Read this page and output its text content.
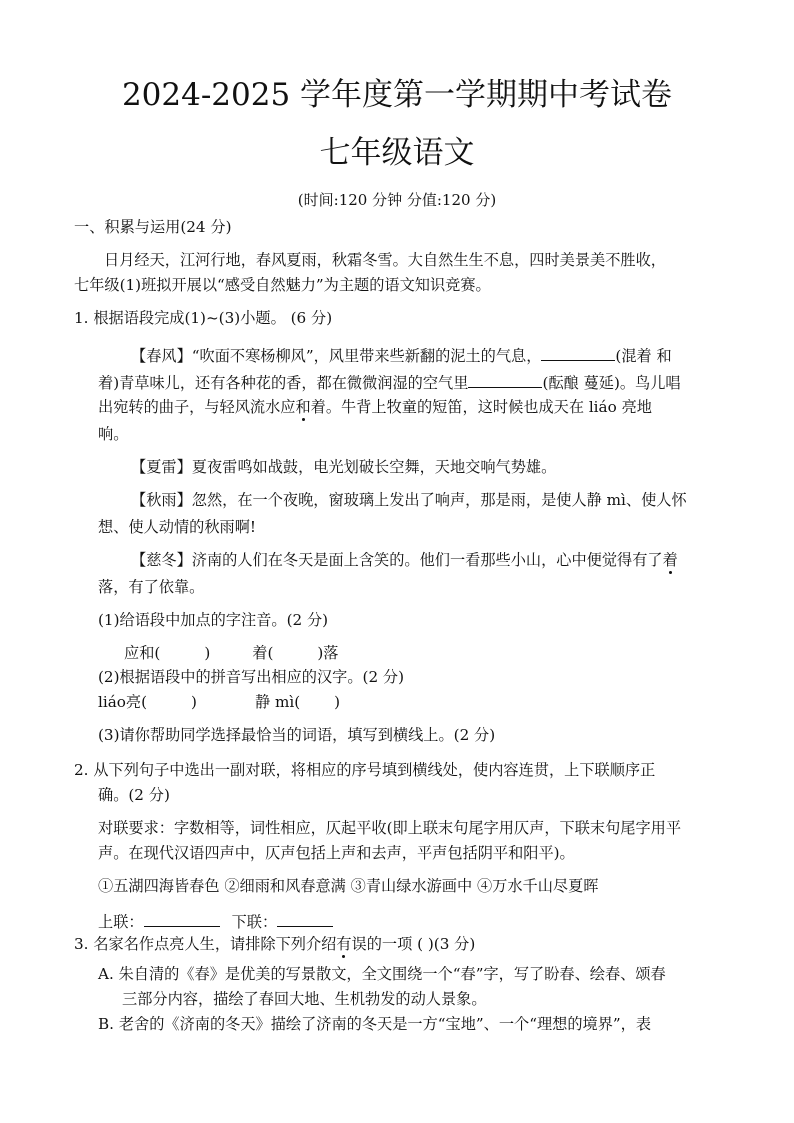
2024-2025 学年度第一学期期中考试卷
七年级语文
(时间:120 分钟 分值:120 分)
一、积累与运用(24 分)
日月经天，江河行地，春风夏雨，秋霜冬雪。大自然生生不息，四时美景美不胜收，
七年级(1)班拟开展以“感受自然魅力”为主题的语文知识竞赛。
1. 根据语段完成(1)~(3)小题。 (6 分)
【春风】“吹面不寒杨柳风”，风里带来些新翻的泥土的气息，	(混着 和
着)青草味儿，还有各种花的香，都在微微润湿的空气里	(酝酿 蔓延)。鸟儿唱
出宛转的曲子，与轻风流水应和着。牛背上牧童的短笛，这时候也成天在 liáo 亮地
响。
【夏雷】夏夜雷鸣如战鼓，电光划破长空舞，天地交响气势雄。
【秋雨】忽然，在一个夜晚，窗玻璃上发出了响声，那是雨，是使人静 mì、使人怀
想、使人动情的秋雨啊!
【慈冬】济南的人们在冬天是面上含笑的。他们一看那些小山，心中便觉得有了着
落，有了依靠。
(1)给语段中加点的字注音。(2 分)
应和(	)	着(	)落
(2)根据语段中的拼音写出相应的汉字。(2 分)
liáo亮(	)	静 mì( )
(3)请你帮助同学选择最恰当的词语，填写到横线上。(2 分)
2. 从下列句子中选出一副对联，将相应的序号填到横线处，使内容连贯，上下联顺序正
确。(2 分)
对联要求：字数相等，词性相应，仄起平收(即上联末句尾字用仄声，下联末句尾字用平
声。在现代汉语四声中，仄声包括上声和去声，平声包括阴平和阳平)。
①五湖四海皆春色 ②细雨和风春意满 ③青山绿水游画中 ④万水千山尽夏晖
上联：	下联：
3. 名家名作点亮人生，请排除下列介绍有误的一项 ( )(3 分)
A. 朱自清的《春》是优美的写景散文，全文围绕一个“春”字，写了盼春、绘春、颂春
三部分内容，描绘了春回大地、生机勃发的动人景象。
B. 老舍的《济南的冬天》描绘了济南的冬天是一方“宝地”、一个“理想的境界”，表
